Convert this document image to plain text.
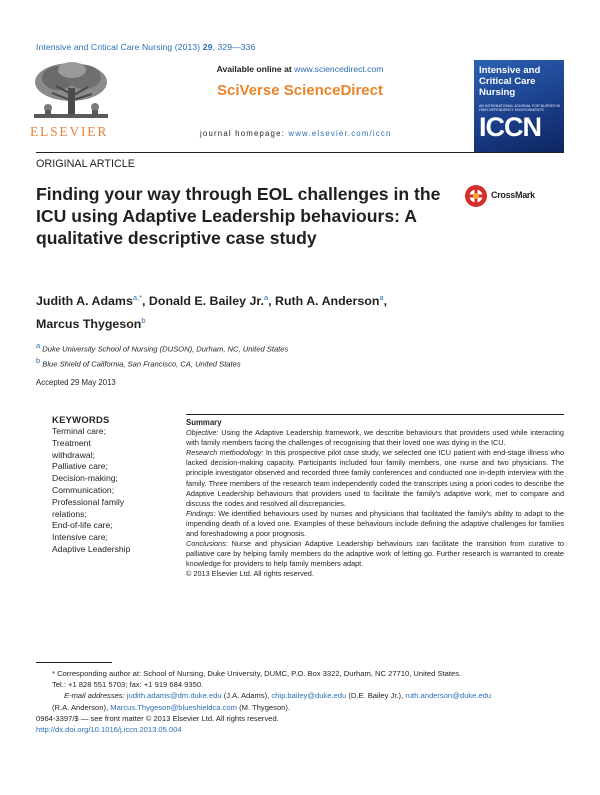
Intensive and Critical Care Nursing (2013) 29, 329—336
ELSEVIER
Available online at www.sciencedirect.com
SciVerse ScienceDirect
journal homepage: www.elsevier.com/iccn
Intensive and
Critical Care
Nursing
AN INTERNATIONAL JOURNAL FOR NURSES IN HIGH DEPENDENCY ENVIRONMENTS
ICCN
ORIGINAL ARTICLE
Finding your way through EOL challenges in the ICU using Adaptive Leadership behaviours: A qualitative descriptive case study
CrossMark
Judith A. Adams$^{a,*}$, Donald E. Bailey Jr.$^a$, Ruth A. Anderson$^a$,
Marcus Thygeson$^b$
$^a$ Duke University School of Nursing (DUSON), Durham, NC, United States
$^b$ Blue Shield of California, San Francisco, CA, United States
Accepted 29 May 2013
KEYWORDS
Terminal care;
Treatment
withdrawal;
Palliative care;
Decision-making;
Communication;
Professional family
relations;
End-of-life care;
Intensive care;
Adaptive Leadership
Summary
Objective: Using the Adaptive Leadership framework, we describe behaviours that providers used while interacting with family members facing the challenges of recognising that their loved one was dying in the ICU.
Research methodology: In this prospective pilot case study, we selected one ICU patient with end-stage illness who lacked decision-making capacity. Participants included four family members, one nurse and two physicians. The principle investigator observed and recorded three family conferences and conducted one in-depth interview with the family. Three members of the research team independently coded the transcripts using a priori codes to describe the Adaptive Leadership behaviours that providers used to facilitate the family's adaptive work, met to compare and discuss the codes and resolved all discrepancies.
Findings: We identified behaviours used by nurses and physicians that facilitated the family's ability to adapt to the impending death of a loved one. Examples of these behaviours include defining the adaptive challenges for families and foreshadowing a poor prognosis.
Conclusions: Nurse and physician Adaptive Leadership behaviours can facilitate the transition from curative to palliative care by helping family members do the adaptive work of letting go. Further research is warranted to create knowledge for providers to help family members adapt.
© 2013 Elsevier Ltd. All rights reserved.
* Corresponding author at: School of Nursing, Duke University, DUMC, P.O. Box 3322, Durham, NC 27710, United States.
Tel.: +1 828 551 5703; fax: +1 919 684 9350.
E-mail addresses: judith.adams@dm.duke.edu (J.A. Adams), chip.bailey@duke.edu (D.E. Bailey Jr.), ruth.anderson@duke.edu
(R.A. Anderson), Marcus.Thygeson@blueshieldca.com (M. Thygeson).
0964-3397/$ — see front matter © 2013 Elsevier Ltd. All rights reserved.
http://dx.doi.org/10.1016/j.iccn.2013.05.004
